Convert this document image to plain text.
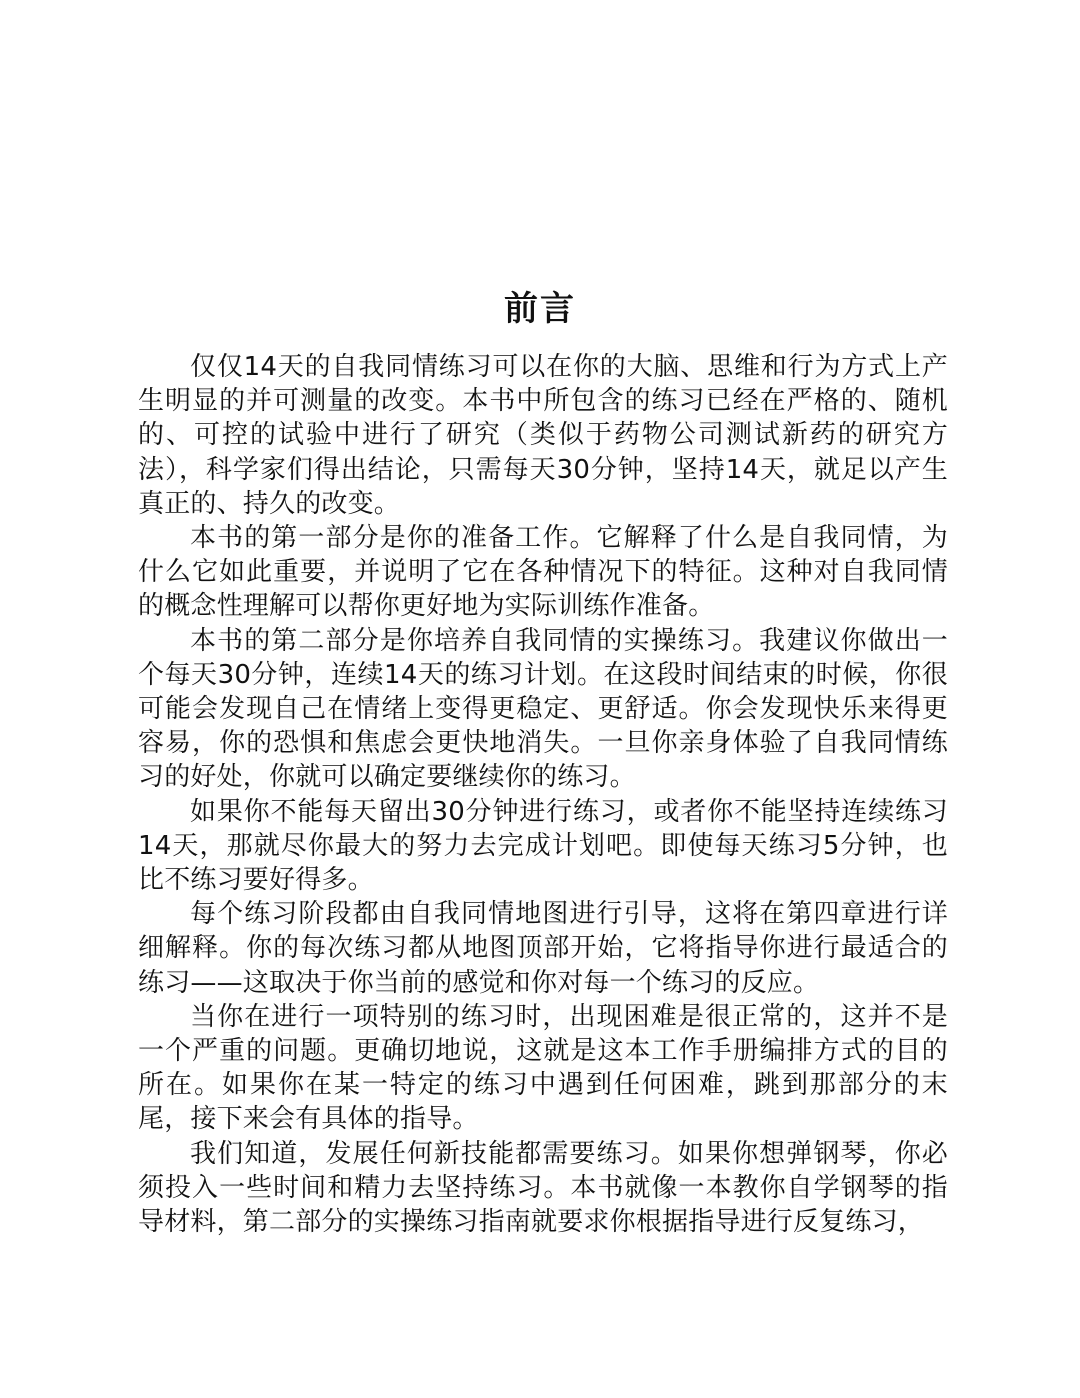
前言

仅仅14天的自我同情练习可以在你的大脑、思维和行为方式上产生明显的并可测量的改变。本书中所包含的练习已经在严格的、随机的、可控的试验中进行了研究（类似于药物公司测试新药的研究方法），科学家们得出结论，只需每天30分钟，坚持14天，就足以产生真正的、持久的改变。

本书的第一部分是你的准备工作。它解释了什么是自我同情，为什么它如此重要，并说明了它在各种情况下的特征。这种对自我同情的概念性理解可以帮你更好地为实际训练作准备。

本书的第二部分是你培养自我同情的实操练习。我建议你做出一个每天30分钟，连续14天的练习计划。在这段时间结束的时候，你很可能会发现自己在情绪上变得更稳定、更舒适。你会发现快乐来得更容易，你的恐惧和焦虑会更快地消失。一旦你亲身体验了自我同情练习的好处，你就可以确定要继续你的练习。

如果你不能每天留出30分钟进行练习，或者你不能坚持连续练习14天，那就尽你最大的努力去完成计划吧。即使每天练习5分钟，也比不练习要好得多。

每个练习阶段都由自我同情地图进行引导，这将在第四章进行详细解释。你的每次练习都从地图顶部开始，它将指导你进行最适合的练习——这取决于你当前的感觉和你对每一个练习的反应。

当你在进行一项特别的练习时，出现困难是很正常的，这并不是一个严重的问题。更确切地说，这就是这本工作手册编排方式的目的所在。如果你在某一特定的练习中遇到任何困难，跳到那部分的末尾，接下来会有具体的指导。

我们知道，发展任何新技能都需要练习。如果你想弹钢琴，你必须投入一些时间和精力去坚持练习。本书就像一本教你自学钢琴的指导材料，第二部分的实操练习指南就要求你根据指导进行反复练习，
